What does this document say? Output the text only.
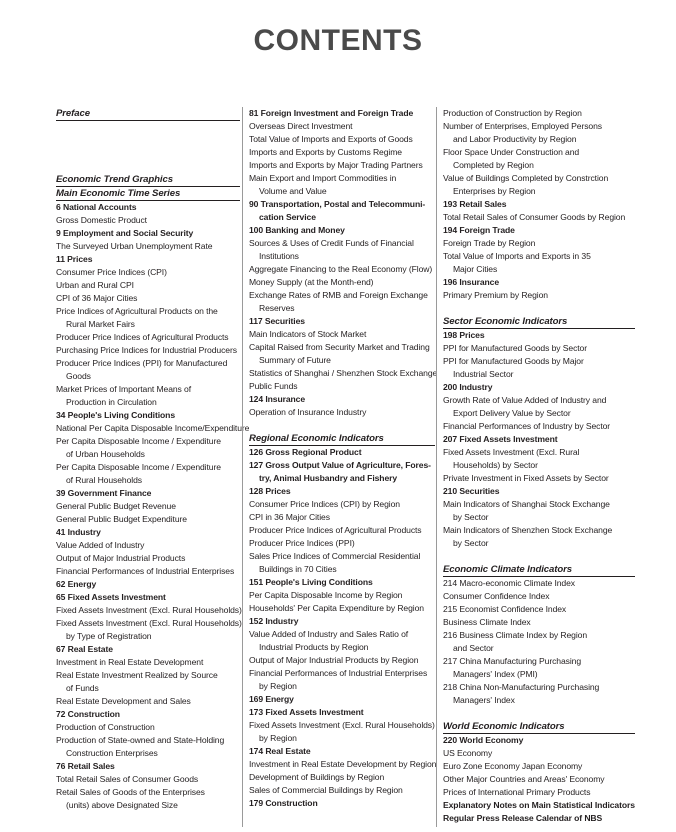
CONTENTS
Preface
Economic Trend Graphics
Main Economic Time Series
6 National Accounts
Gross Domestic Product
9 Employment and Social Security
The Surveyed Urban Unemployment Rate
11 Prices
Consumer Price Indices (CPI)
Urban and Rural CPI
CPI of 36 Major Cities
Price Indices of Agricultural Products on the
Rural Market Fairs
Producer Price Indices of Agricultural Products
Purchasing Price Indices for Industrial Producers
Producer Price Indices (PPI) for Manufactured
Goods
Market Prices of Important Means of
Production in Circulation
34 People's Living Conditions
National Per Capita Disposable Income/Expenditure
Per Capita Disposable Income / Expenditure
of Urban Households
Per Capita Disposable Income / Expenditure
of Rural Households
39 Government Finance
General Public Budget Revenue
General Public Budget Expenditure
41 Industry
Value Added of Industry
Output of Major Industrial Products
Financial Performances of Industrial Enterprises
62 Energy
65 Fixed Assets Investment
Fixed Assets Investment (Excl. Rural Households)
Fixed Assets Investment (Excl. Rural Households)
by Type of Registration
67 Real Estate
Investment in Real Estate Development
Real Estate Investment Realized by Source
of Funds
Real Estate Development and Sales
72 Construction
Production of Construction
Production of State-owned and State-Holding
Construction Enterprises
76 Retail Sales
Total Retail Sales of Consumer Goods
Retail Sales of Goods of the Enterprises
(units) above Designated Size
81 Foreign Investment and Foreign Trade
Overseas Direct Investment
Total Value of Imports and Exports of Goods
Imports and Exports by Customs Regime
Imports and Exports by Major Trading Partners
Main Export and Import Commodities in
Volume and Value
90 Transportation, Postal and Telecommuni-
cation Service
100 Banking and Money
Sources & Uses of Credit Funds of Financial
Institutions
Aggregate Financing to the Real Economy (Flow)
Money Supply (at the Month-end)
Exchange Rates of RMB and Foreign Exchange
Reserves
117 Securities
Main Indicators of Stock Market
Capital Raised from Security Market and Trading
Summary of Future
Statistics of Shanghai / Shenzhen Stock Exchange
Public Funds
124 Insurance
Operation of Insurance Industry
Regional Economic Indicators
126 Gross Regional Product
127 Gross Output Value of Agriculture, Fores-
try, Animal Husbandry and Fishery
128 Prices
Consumer Price Indices (CPI) by Region
CPI in 36 Major Cities
Producer Price Indices of Agricultural Products
Producer Price Indices (PPI)
Sales Price Indices of Commercial Residential
Buildings in 70 Cities
151 People's Living Conditions
Per Capita Disposable Income by Region
Households' Per Capita Expenditure by Region
152 Industry
Value Added of Industry and Sales Ratio of
Industrial Products by Region
Output of Major Industrial Products by Region
Financial Performances of Industrial Enterprises
by Region
169 Energy
173 Fixed Assets Investment
Fixed Assets Investment (Excl. Rural Households)
by Region
174 Real Estate
Investment in Real Estate Development by Region
Development of Buildings by Region
Sales of Commercial Buildings by Region
179 Construction
Production of Construction by Region
Number of Enterprises, Employed Persons
and Labor Productivity by Region
Floor Space Under Construction and
Completed by Region
Value of Buildings Completed by Constrction
Enterprises by Region
193 Retail Sales
Total Retail Sales of Consumer Goods by Region
194 Foreign Trade
Foreign Trade by Region
Total Value of Imports and Exports in 35
Major Cities
196 Insurance
Primary Premium by Region
Sector Economic Indicators
198 Prices
PPI for Manufactured Goods by Sector
PPI for Manufactured Goods by Major
Industrial Sector
200 Industry
Growth Rate of Value Added of Industry and
Export Delivery Value by Sector
Financial Performances of Industry by Sector
207 Fixed Assets Investment
Fixed Assets Investment (Excl. Rural
Households) by Sector
Private Investment in Fixed Assets by Sector
210 Securities
Main Indicators of Shanghai Stock Exchange
by Sector
Main Indicators of Shenzhen Stock Exchange
by Sector
Economic Climate Indicators
214 Macro-economic Climate Index
Consumer Confidence Index
215 Economist Confidence Index
Business Climate Index
216 Business Climate Index by Region
and Sector
217 China Manufacturing Purchasing
Managers' Index (PMI)
218 China Non-Manufacturing Purchasing
Managers' Index
World Economic Indicators
220 World Economy
US Economy
Euro Zone Economy Japan Economy
Other Major Countries and Areas' Economy
Prices of International Primary Products
Explanatory Notes on Main Statistical Indicators
Regular Press Release Calendar of NBS
